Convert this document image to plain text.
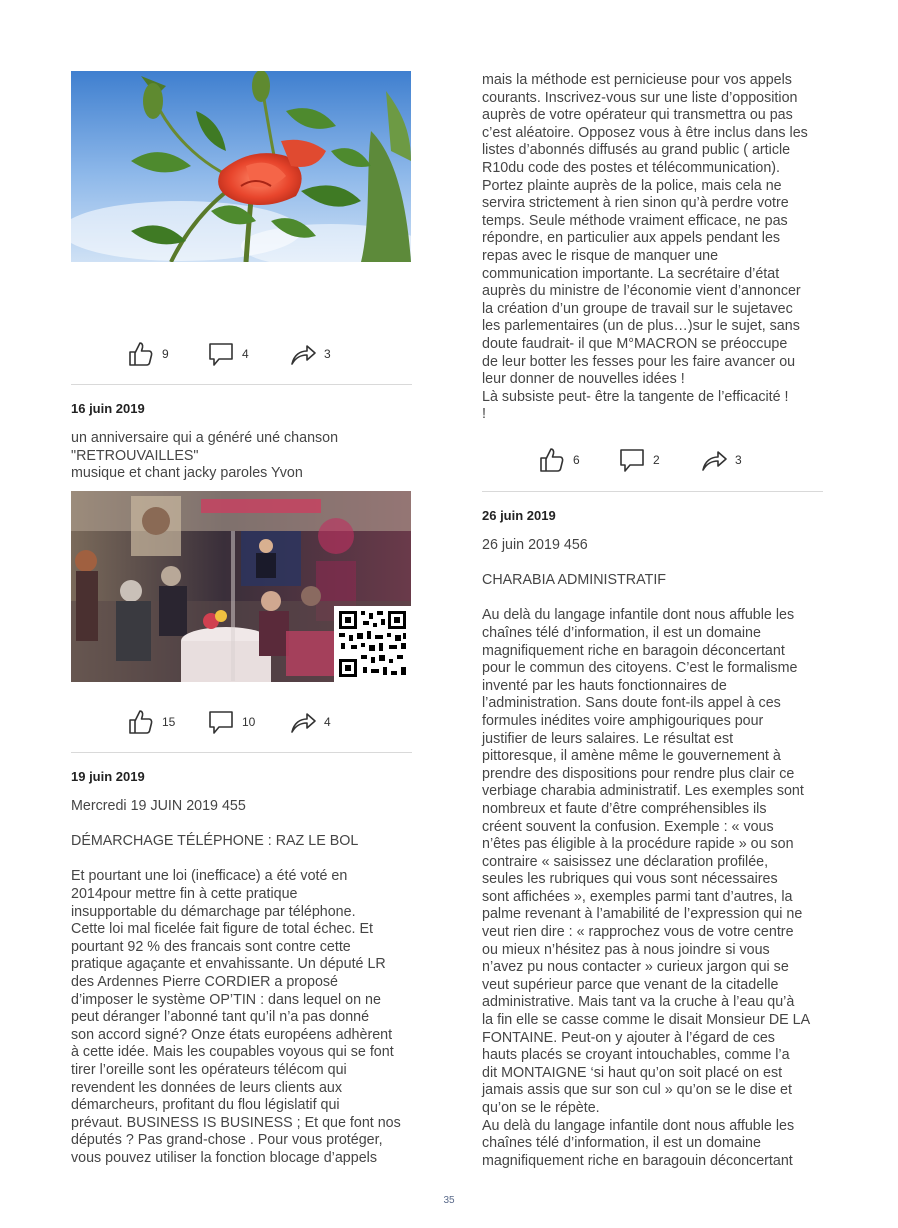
9	4	3
16 juin 2019

un anniversaire qui a généré uné chanson

"RETROUVAILLES"

musique et chant jacky paroles Yvon

15	10	4
19 juin 2019

Mercredi 19 JUIN 2019 455

DÉMARCHAGE TÉLÉPHONE : RAZ LE BOL

Et pourtant une loi (inefficace) a été voté en

2014pour mettre fin à cette pratique

insupportable du démarchage par téléphone.

Cette loi mal ficelée fait figure de total échec. Et

pourtant 92 % des francais sont contre cette

pratique agaçante et envahissante. Un député LR

des Ardennes Pierre CORDIER a proposé

d’imposer le système OP’TIN : dans lequel on ne

peut déranger l’abonné tant qu’il n’a pas donné

son accord signé? Onze états européens adhèrent

à cette idée. Mais les coupables voyous qui se font

tirer l’oreille sont les opérateurs télécom qui

revendent les données de leurs clients aux

démarcheurs, profitant du flou législatif qui

prévaut. BUSINESS IS BUSINESS ; Et que font nos

députés ? Pas grand-chose . Pour vous protéger,

vous pouvez utiliser la fonction blocage d’appels

mais la méthode est pernicieuse pour vos appels

courants. Inscrivez-vous sur une liste d’opposition

auprès de votre opérateur qui transmettra ou pas

c’est aléatoire. Opposez vous à être inclus dans les

listes d’abonnés diffusés au grand public ( article

R10du code des postes et télécommunication).

Portez plainte auprès de la police, mais cela ne

servira strictement à rien sinon qu’à perdre votre

temps. Seule méthode vraiment efficace, ne pas

répondre, en particulier aux appels pendant les

repas avec le risque de manquer une

communication importante. La secrétaire d’état

auprès du ministre de l’économie vient d’annoncer

la création d’un groupe de travail sur le sujetavec

les parlementaires (un de plus…)sur le sujet, sans

doute faudrait- il que M°MACRON se préoccupe

de leur botter les fesses pour les faire avancer ou

leur donner de nouvelles idées !

Là subsiste peut- être la tangente de l’efficacité !

!

6	2	3
26 juin 2019

26 juin 2019 456

CHARABIA ADMINISTRATIF

Au delà du langage infantile dont nous affuble les

chaînes télé d’information, il est un domaine

magnifiquement riche en baragoin déconcertant

pour le commun des citoyens. C’est le formalisme

inventé par les hauts fonctionnaires de

l’administration. Sans doute font-ils appel à ces

formules inédites voire amphigouriques pour

justifier de leurs salaires. Le résultat est

pittoresque, il amène même le gouvernement à

prendre des dispositions pour rendre plus clair ce

verbiage charabia administratif. Les exemples sont

nombreux et faute d’être compréhensibles ils

créent souvent la confusion. Exemple : « vous

n’êtes pas éligible à la procédure rapide » ou son

contraire « saisissez une déclaration profilée,

seules les rubriques qui vous sont nécessaires

sont affichées », exemples parmi tant d’autres, la

palme revenant à l’amabilité de l’expression qui ne

veut rien dire : « rapprochez vous de votre centre

ou mieux n’hésitez pas à nous joindre si vous

n’avez pu nous contacter » curieux jargon qui se

veut supérieur parce que venant de la citadelle

administrative. Mais tant va la cruche à l’eau qu’à

la fin elle se casse comme le disait Monsieur DE LA

FONTAINE. Peut-on y ajouter à l’égard de ces

hauts placés se croyant intouchables, comme l’a

dit MONTAIGNE ‘si haut qu’on soit placé on est

jamais assis que sur son cul » qu’on se le dise et

qu’on se le répète.

Au delà du langage infantile dont nous affuble les

chaînes télé d’information, il est un domaine

magnifiquement riche en baragouin déconcertant

35
